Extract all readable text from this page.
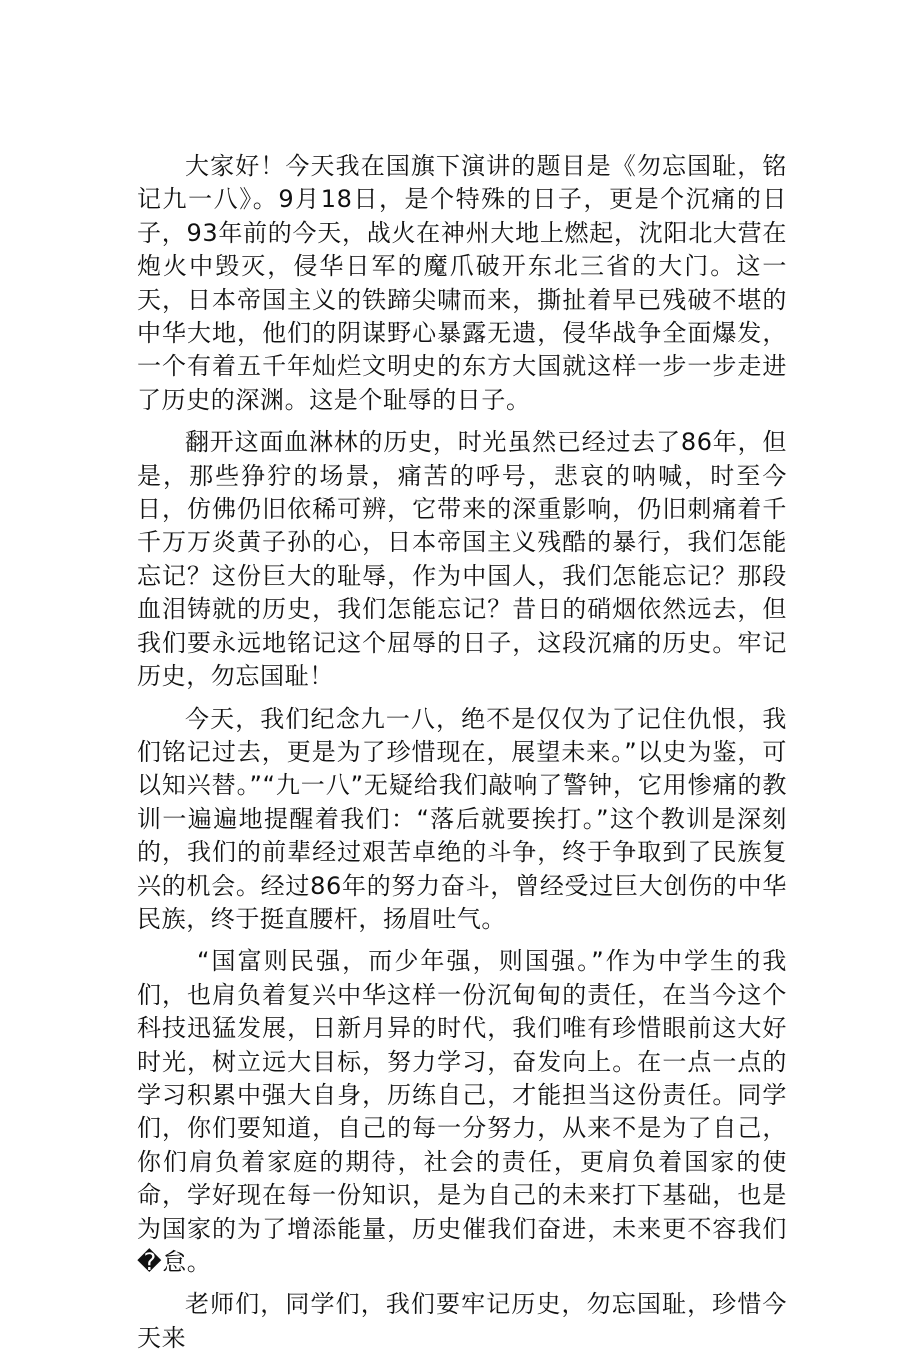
大家好！今天我在国旗下演讲的题目是《勿忘国耻，铭记九一八》。9月18日，是个特殊的日子，更是个沉痛的日子，93年前的今天，战火在神州大地上燃起，沈阳北大营在炮火中毁灭，侵华日军的魔爪破开东北三省的大门。这一天，日本帝国主义的铁蹄尖啸而来，撕扯着早已残破不堪的中华大地，他们的阴谋野心暴露无遗，侵华战争全面爆发，一个有着五千年灿烂文明史的东方大国就这样一步一步走进了历史的深渊。这是个耻辱的日子。

翻开这面血淋林的历史，时光虽然已经过去了86年，但是，那些狰狞的场景，痛苦的呼号，悲哀的呐喊，时至今日，仿佛仍旧依稀可辨，它带来的深重影响，仍旧刺痛着千千万万炎黄子孙的心，日本帝国主义残酷的暴行，我们怎能忘记？这份巨大的耻辱，作为中国人，我们怎能忘记？那段血泪铸就的历史，我们怎能忘记？昔日的硝烟依然远去，但我们要永远地铭记这个屈辱的日子，这段沉痛的历史。牢记历史，勿忘国耻！

今天，我们纪念九一八，绝不是仅仅为了记住仇恨，我们铭记过去，更是为了珍惜现在，展望未来。”以史为鉴，可以知兴替。”“九一八”无疑给我们敲响了警钟，它用惨痛的教训一遍遍地提醒着我们：“落后就要挨打。”这个教训是深刻的，我们的前辈经过艰苦卓绝的斗争，终于争取到了民族复兴的机会。经过86年的努力奋斗，曾经受过巨大创伤的中华民族，终于挺直腰杆，扬眉吐气。

“国富则民强，而少年强，则国强。”作为中学生的我们，也肩负着复兴中华这样一份沉甸甸的责任，在当今这个科技迅猛发展，日新月异的时代，我们唯有珍惜眼前这大好时光，树立远大目标，努力学习，奋发向上。在一点一点的学习积累中强大自身，历练自己，才能担当这份责任。同学们，你们要知道，自己的每一分努力，从来不是为了自己，你们肩负着家庭的期待，社会的责任，更肩负着国家的使命，学好现在每一份知识，是为自己的未来打下基础，也是为国家的为了增添能量，历史催我们奋进，未来更不容我们�怠。

老师们，同学们，我们要牢记历史，勿忘国耻，珍惜今天来
